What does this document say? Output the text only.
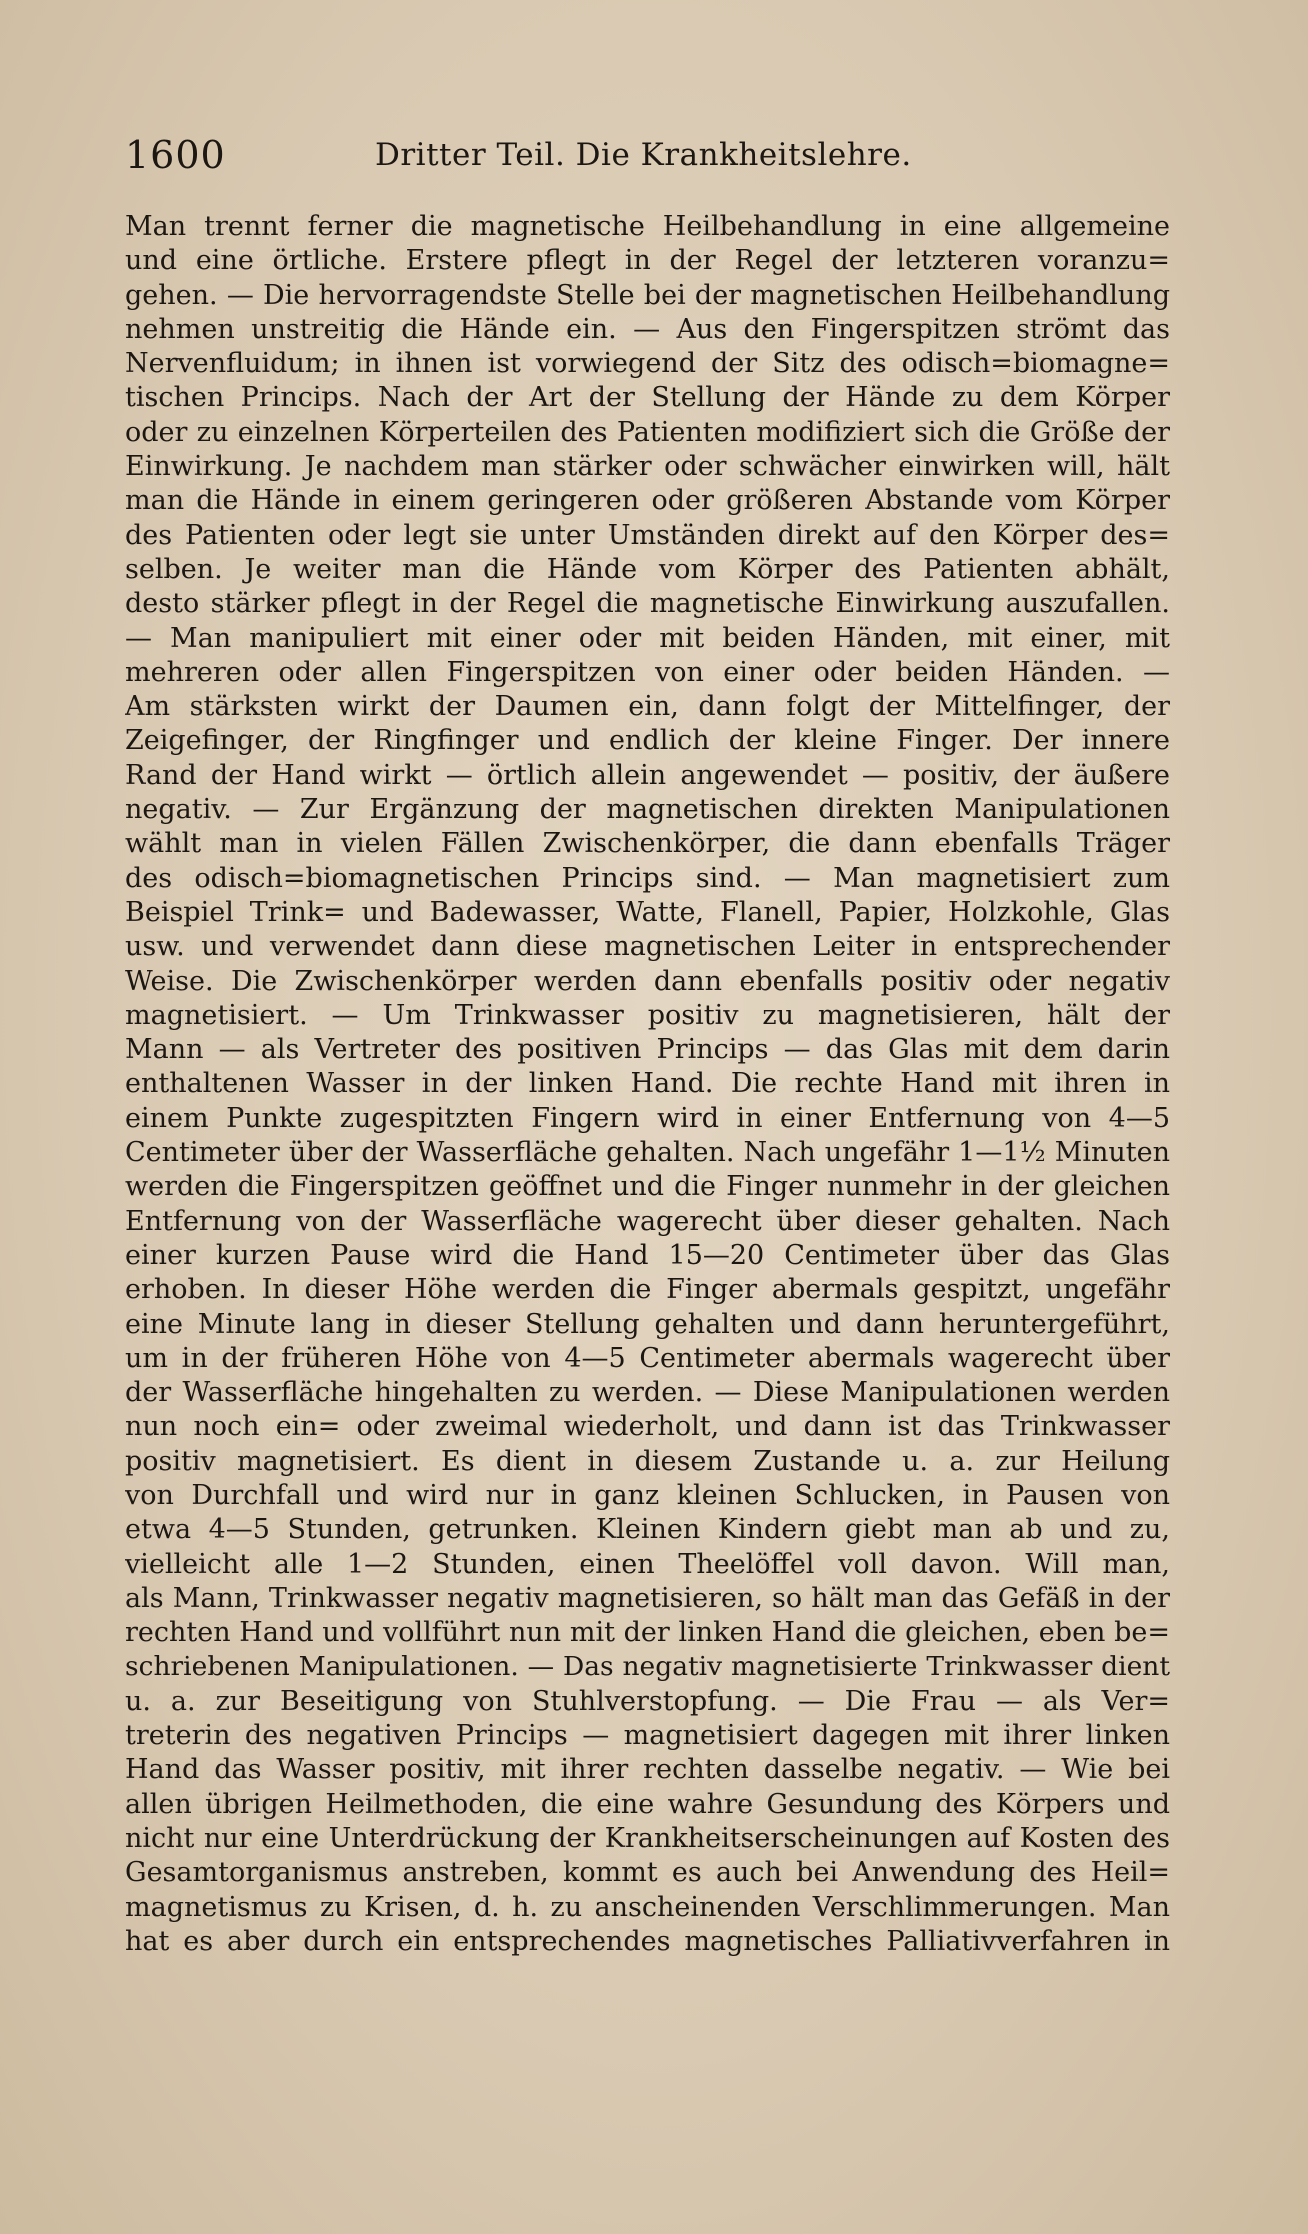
1600	Dritter Teil. Die Krankheitslehre.
Man trennt ferner die magnetische Heilbehandlung in eine allgemeine
und eine örtliche. Erstere pflegt in der Regel der letzteren voranzu=
gehen. — Die hervorragendste Stelle bei der magnetischen Heilbehandlung
nehmen unstreitig die Hände ein. — Aus den Fingerspitzen strömt das
Nervenfluidum; in ihnen ist vorwiegend der Sitz des odisch=biomagne=
tischen Princips. Nach der Art der Stellung der Hände zu dem Körper
oder zu einzelnen Körperteilen des Patienten modifiziert sich die Größe der
Einwirkung. Je nachdem man stärker oder schwächer einwirken will, hält
man die Hände in einem geringeren oder größeren Abstande vom Körper
des Patienten oder legt sie unter Umständen direkt auf den Körper des=
selben. Je weiter man die Hände vom Körper des Patienten abhält,
desto stärker pflegt in der Regel die magnetische Einwirkung auszufallen.
— Man manipuliert mit einer oder mit beiden Händen, mit einer, mit
mehreren oder allen Fingerspitzen von einer oder beiden Händen. —
Am stärksten wirkt der Daumen ein, dann folgt der Mittelfinger, der
Zeigefinger, der Ringfinger und endlich der kleine Finger. Der innere
Rand der Hand wirkt — örtlich allein angewendet — positiv, der äußere
negativ. — Zur Ergänzung der magnetischen direkten Manipulationen
wählt man in vielen Fällen Zwischenkörper, die dann ebenfalls Träger
des odisch=biomagnetischen Princips sind. — Man magnetisiert zum
Beispiel Trink= und Badewasser, Watte, Flanell, Papier, Holzkohle, Glas
usw. und verwendet dann diese magnetischen Leiter in entsprechender
Weise. Die Zwischenkörper werden dann ebenfalls positiv oder negativ
magnetisiert. — Um Trinkwasser positiv zu magnetisieren, hält der
Mann — als Vertreter des positiven Princips — das Glas mit dem darin
enthaltenen Wasser in der linken Hand. Die rechte Hand mit ihren in
einem Punkte zugespitzten Fingern wird in einer Entfernung von 4—5
Centimeter über der Wasserfläche gehalten. Nach ungefähr 1—1½ Minuten
werden die Fingerspitzen geöffnet und die Finger nunmehr in der gleichen
Entfernung von der Wasserfläche wagerecht über dieser gehalten. Nach
einer kurzen Pause wird die Hand 15—20 Centimeter über das Glas
erhoben. In dieser Höhe werden die Finger abermals gespitzt, ungefähr
eine Minute lang in dieser Stellung gehalten und dann heruntergeführt,
um in der früheren Höhe von 4—5 Centimeter abermals wagerecht über
der Wasserfläche hingehalten zu werden. — Diese Manipulationen werden
nun noch ein= oder zweimal wiederholt, und dann ist das Trinkwasser
positiv magnetisiert. Es dient in diesem Zustande u. a. zur Heilung
von Durchfall und wird nur in ganz kleinen Schlucken, in Pausen von
etwa 4—5 Stunden, getrunken. Kleinen Kindern giebt man ab und zu,
vielleicht alle 1—2 Stunden, einen Theelöffel voll davon. Will man,
als Mann, Trinkwasser negativ magnetisieren, so hält man das Gefäß in der
rechten Hand und vollführt nun mit der linken Hand die gleichen, eben be=
schriebenen Manipulationen. — Das negativ magnetisierte Trinkwasser dient
u. a. zur Beseitigung von Stuhlverstopfung. — Die Frau — als Ver=
treterin des negativen Princips — magnetisiert dagegen mit ihrer linken
Hand das Wasser positiv, mit ihrer rechten dasselbe negativ. — Wie bei
allen übrigen Heilmethoden, die eine wahre Gesundung des Körpers und
nicht nur eine Unterdrückung der Krankheitserscheinungen auf Kosten des
Gesamtorganismus anstreben, kommt es auch bei Anwendung des Heil=
magnetismus zu Krisen, d. h. zu anscheinenden Verschlimmerungen. Man
hat es aber durch ein entsprechendes magnetisches Palliativverfahren in
